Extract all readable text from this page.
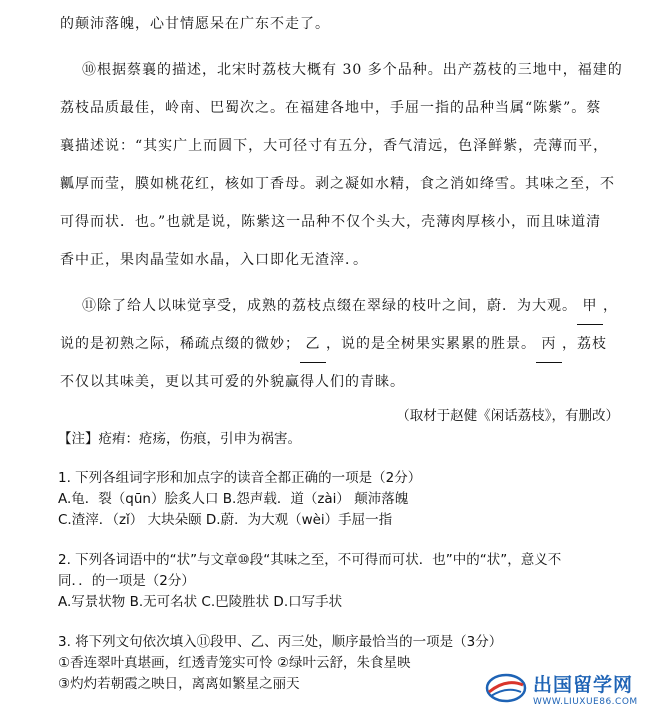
的颠沛落魄，心甘情愿呆在广东不走了。
⑩根据蔡襄的描述，北宋时荔枝大概有 30 多个品种。出产荔枝的三地中，福建的
荔枝品质最佳，岭南、巴蜀次之。在福建各地中，手屈一指的品种当属“陈紫”。蔡
襄描述说：“其实广上而圆下，大可径寸有五分，香气清远，色泽鲜紫，壳薄而平，
瓤厚而莹，膜如桃花红，核如丁香母。剥之凝如水精，食之消如绛雪。其味之至，不
可得而状．也。”也就是说，陈紫这一品种不仅个头大，壳薄肉厚核小，而且味道清
香中正，果肉晶莹如水晶，入口即化无渣滓．。
⑪除了给人以味觉享受，成熟的荔枝点缀在翠绿的枝叶之间，蔚．为大观。 甲 ，
说的是初熟之际，稀疏点缀的微妙； 乙 ，说的是全树果实累累的胜景。 丙 ，荔枝
不仅以其味美，更以其可爱的外貌赢得人们的青睐。
（取材于赵健《闲话荔枝》，有删改）
【注】疮痏：疮疡，伤痕，引申为祸害。
1. 下列各组词字形和加点字的读音全都正确的一项是（2分）
A.龟．裂（qūn）脍炙人口 B.怨声载．道（zài） 颠沛落魄
C.渣滓．（zǐ） 大块朵颐 D.蔚．为大观（wèi）手屈一指
2. 下列各词语中的“状”与文章⑩段“其味之至，不可得而可状．也”中的“状”，意义不
同．．的一项是（2分）
A.写景状物 B.无可名状 C.巴陵胜状 D.口写手状
3. 将下列文句依次填入⑪段甲、乙、丙三处，顺序最恰当的一项是（3分）
①香连翠叶真堪画，红透青笼实可怜 ②绿叶云舒，朱食星映
③灼灼若朝霞之映日，离离如繁星之丽天	出国留学网
WWW.LIUXUE86.COM
